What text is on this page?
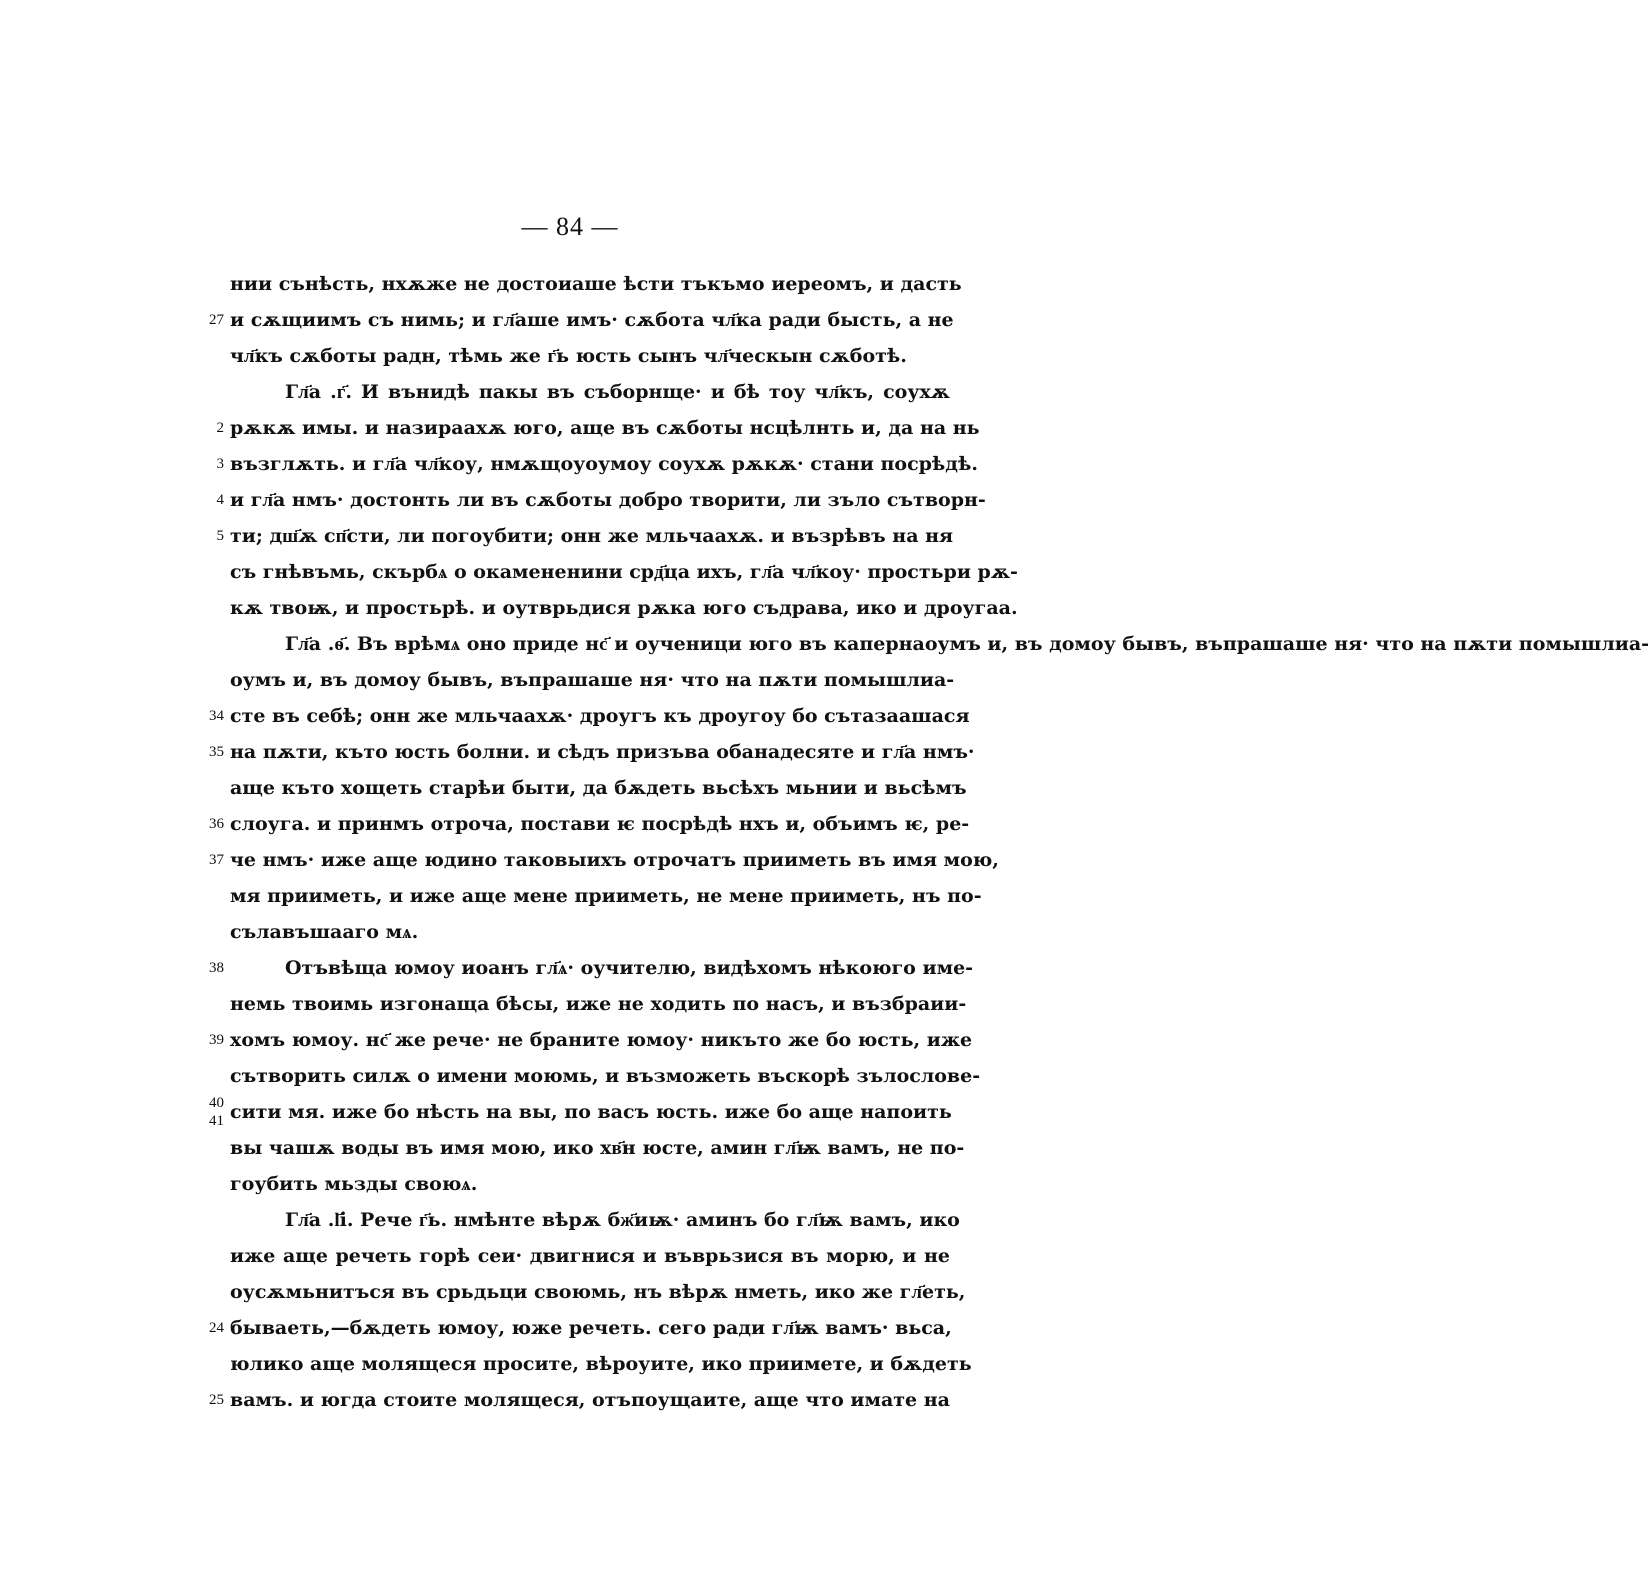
— 84 —
нии сънѣсть, нхѫже не достоиаше ѣсти тъкъмо иереомъ, и дасть
и сѫщиимъ съ нимь; и гл҃аше имъ· сѫбота чл҃ка ради бысть, а не
чл҃къ сѫботы радн, тѣмь же г҃ь юсть сынъ чл҃ческын сѫботѣ.
Гл҃а .г҃. И вънидѣ пакы въ съборнще· и бѣ тоу чл҃къ, соухѫ
рѫкѫ имы. и назираахѫ юго, аще въ сѫботы нсцѣлнть и, да на нь
възглѫть. и гл҃а чл҃коу, нмѫщоуоумоу соухѫ рѫкѫ· стани посрѣдѣ.
и гл҃а нмъ· достонть ли въ сѫботы добро творити, ли зъло сътворн-
ти; дш҃ѫ сп҃сти, ли погоубити; онн же мльчаахѫ. и възрѣвъ на ня
съ гнѣвъмь, скърбѧ о окамененини срд҃ца ихъ, гл҃а чл҃коу· простьри рѫ-
кѫ твоѭ, и простьрѣ. и оутврьдися рѫка юго съдрава, ико и дроугаа.
Гл҃а .ѳ҃. Въ врѣмѧ оно приде нс҃ и оученици юго въ капернаоумъ и, въ домоу бывъ, въпрашаше ня· что на пѫти помышлиа-
оумъ и, въ домоу бывъ, въпрашаше ня· что на пѫти помышлиа-
сте въ себѣ; онн же мльчаахѫ· дроугъ къ дроугоу бо сътазаашася
на пѫти, къто юсть болни. и сѣдъ призъва обанадесяте и гл҃а нмъ·
аще къто хощеть старѣи быти, да бѫдеть вьсѣхъ мьнии и вьсѣмъ
слоуга. и принмъ отроча, постави ѥ посрѣдѣ нхъ и, объимъ ѥ, ре-
че нмъ· иже аще юдино таковыихъ отрочатъ прииметь въ имя мою,
мя прииметь, и иже аще мене прииметь, не мене прииметь, нъ по-
сълавъшааго мѧ.
Отъвѣща юмоу иоанъ гл҃ѧ· оучителю, видѣхомъ нѣкоюго име-
немь твоимь изгонаща бѣсы, иже не ходить по насъ, и възбраии-
хомъ юмоу. нс҃ же рече· не браните юмоу· никъто же бо юсть, иже
сътворить силѫ о имени моюмь, и възможеть въскорѣ зълослове-
сити мя. иже бо нѣсть на вы, по васъ юсть. иже бо аще напоить
вы чашѫ воды въ имя мою, ико хв҃н юсте, амин гл҃ѭ вамъ, не по-
гоубить мьзды своюѧ.
Гл҃а .ӏ҃і. Рече г҃ь. нмѣнте вѣрѫ бж҃иѭ· аминъ бо гл҃ѭ вамъ, ико
иже аще речеть горѣ сеи· двигнися и въврьзися въ морю, и не
оусѫмьнитъся въ срьдьци своюмь, нъ вѣрѫ нметь, ико же гл҃еть,
бываеть,—бѫдеть юмоу, юже речеть. сего ради гл҃ѭ вамъ· вьса,
юлико аще молящеся просите, вѣроуите, ико приимете, и бѫдеть
вамъ. и югда стоите молящеся, отъпоущаите, аще что имате на
27
2
3
4
5
34
35
36
37
38
39
40
41
24
25
